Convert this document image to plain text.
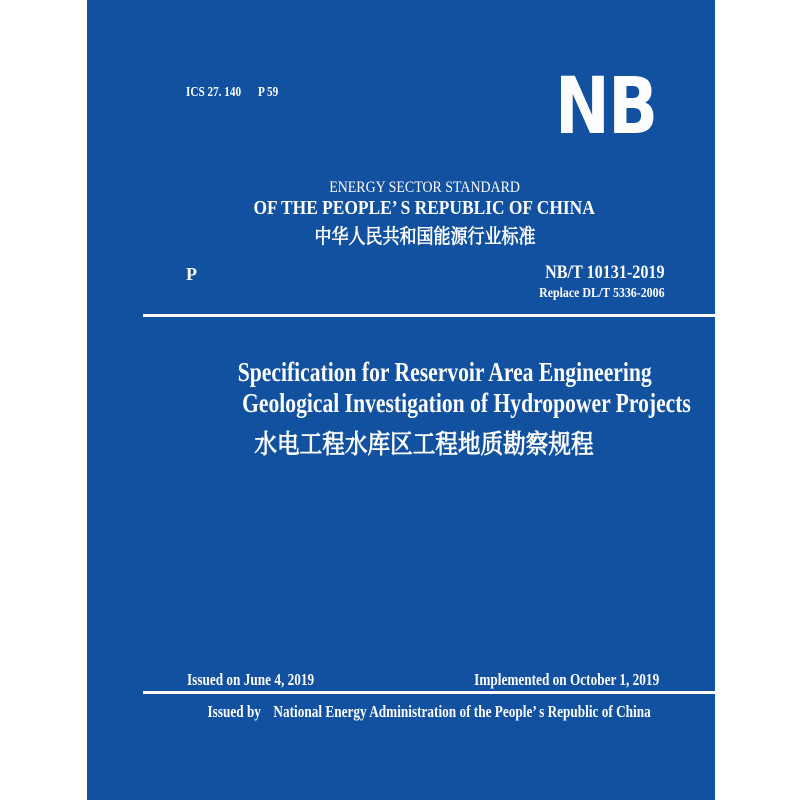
ICS 27. 140 P 59	NB
ENERGY SECTOR STANDARD
OF THE PEOPLE’ S REPUBLIC OF CHINA
中华人民共和国能源行业标准
P	NB/T 10131-2019
Replace DL/T 5336-2006
Specification for Reservoir Area Engineering
Geological Investigation of Hydropower Projects
水电工程水库区工程地质勘察规程
Issued on June 4, 2019	Implemented on October 1, 2019
Issued by National Energy Administration of the People’ s Republic of China
